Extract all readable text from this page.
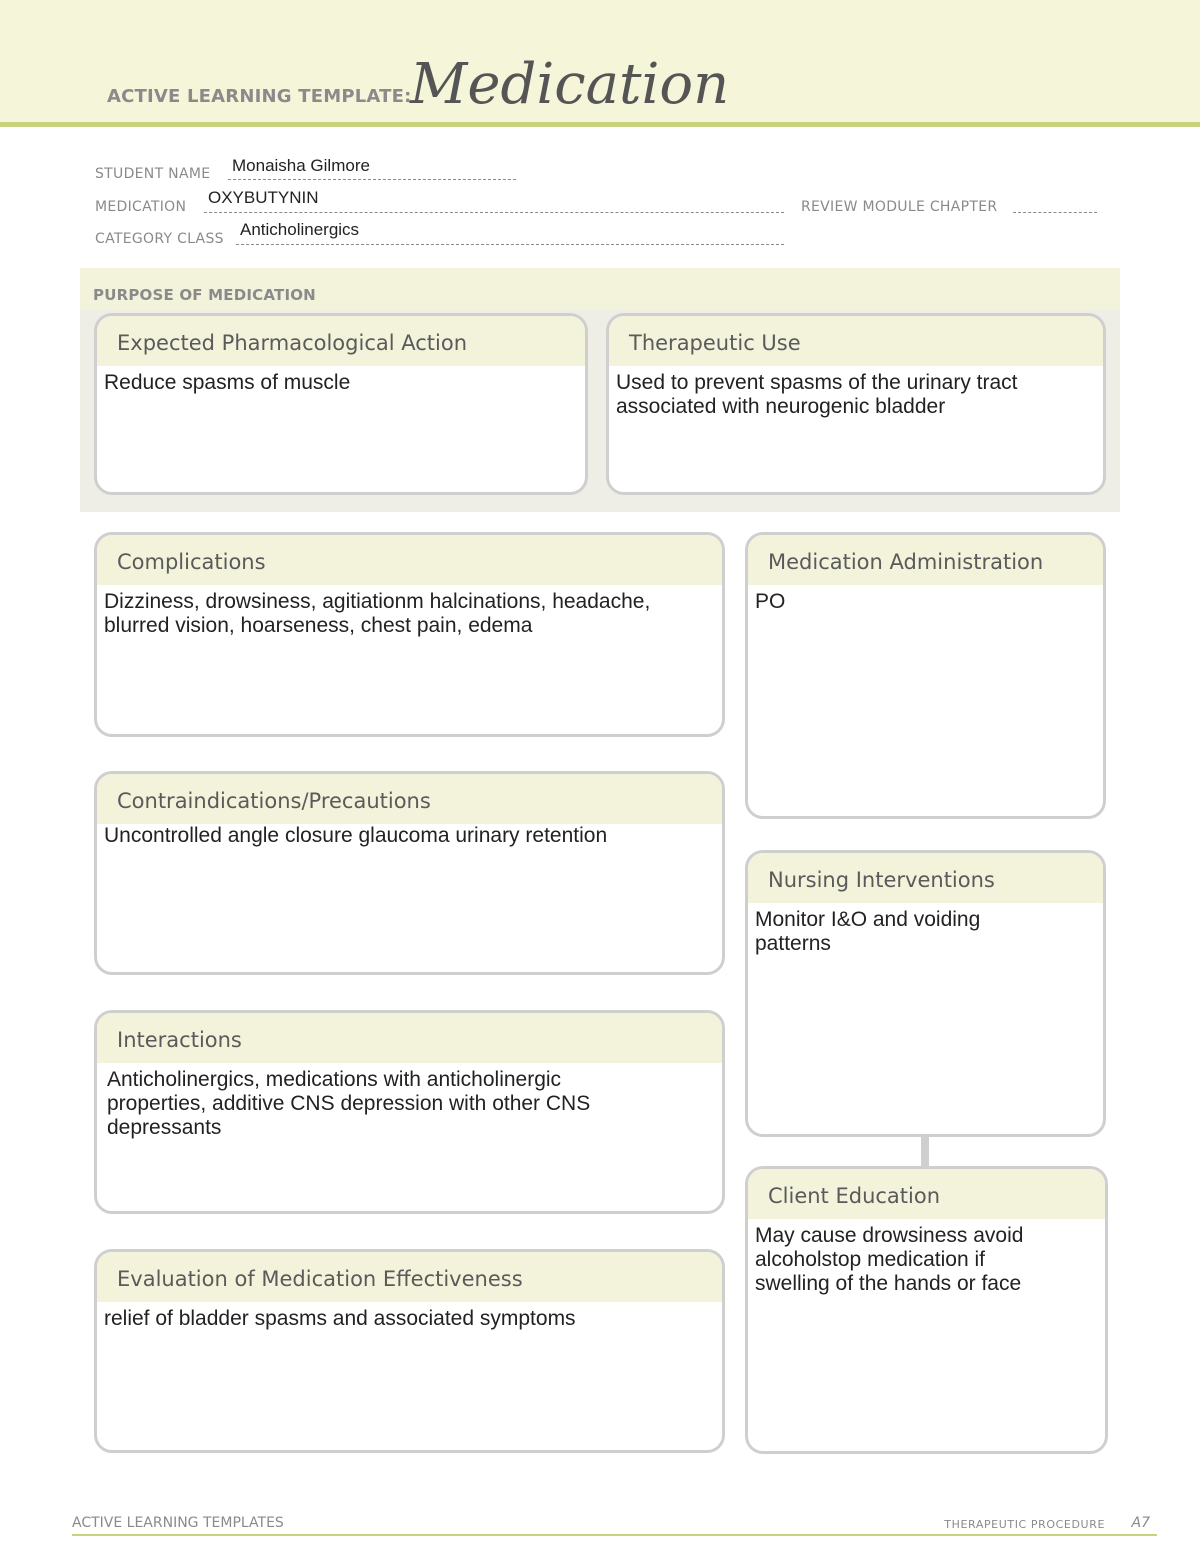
ACTIVE LEARNING TEMPLATE:
Medication
STUDENT NAME Monaisha Gilmore
MEDICATION OXYBUTYNIN	REVIEW MODULE CHAPTER
CATEGORY CLASS Anticholinergics
PURPOSE OF MEDICATION
Expected Pharmacological Action
Reduce spasms of muscle
Therapeutic Use
Used to prevent spasms of the urinary tract
associated with neurogenic bladder
Complications
Dizziness, drowsiness, agitiationm halcinations, headache,
blurred vision, hoarseness, chest pain, edema
Contraindications/Precautions
Uncontrolled angle closure glaucoma urinary retention
Interactions
Anticholinergics, medications with anticholinergic
properties, additive CNS depression with other CNS
depressants
Evaluation of Medication Effectiveness
relief of bladder spasms and associated symptoms
Medication Administration
PO
Nursing Interventions
Monitor I&O and voiding
patterns
Client Education
May cause drowsiness avoid
alcoholstop medication if
swelling of the hands or face
ACTIVE LEARNING TEMPLATES	THERAPEUTIC PROCEDURE A7
